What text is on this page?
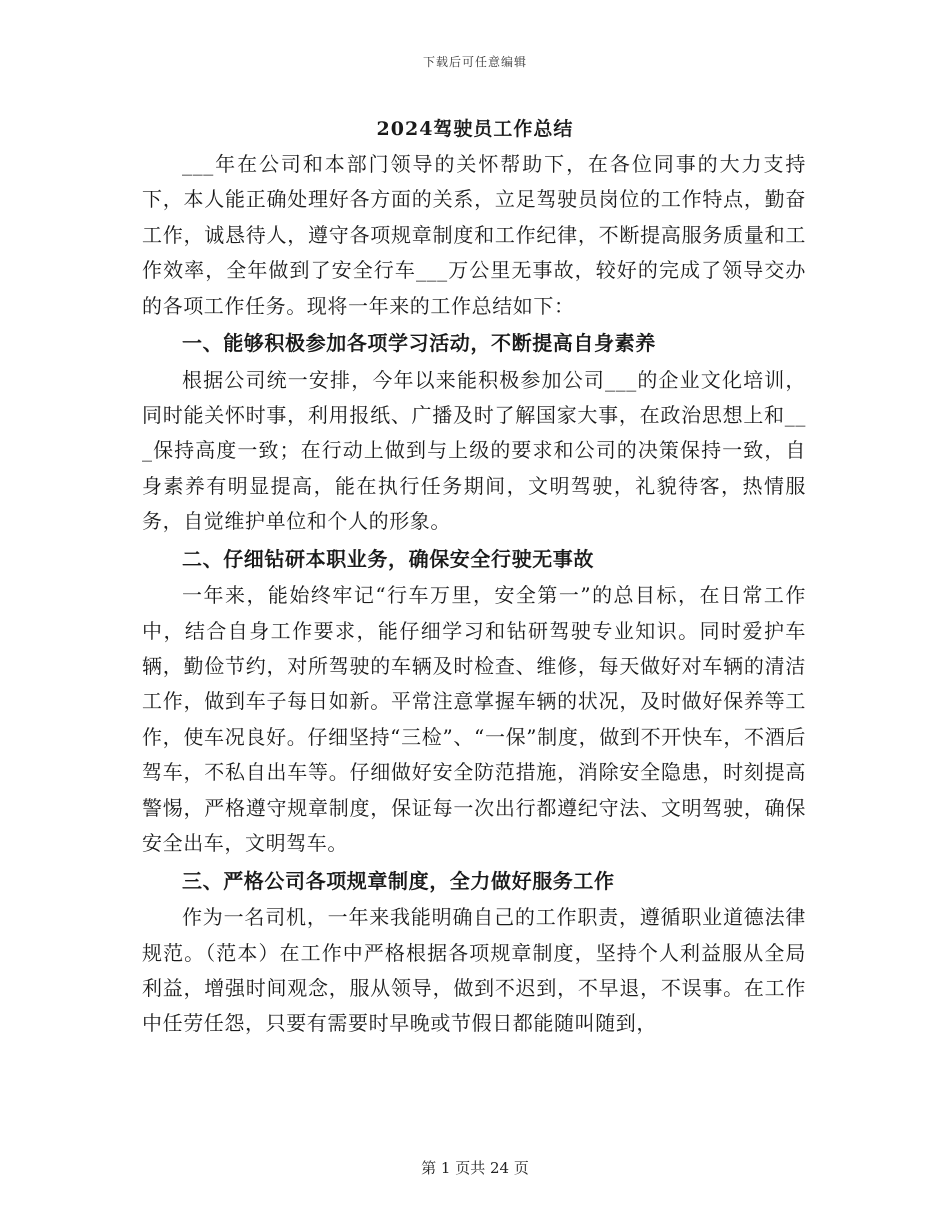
下载后可任意编辑
2024驾驶员工作总结

___年在公司和本部门领导的关怀帮助下，在各位同事的大力支持下，本人能正确处理好各方面的关系，立足驾驶员岗位的工作特点，勤奋工作，诚恳待人，遵守各项规章制度和工作纪律，不断提高服务质量和工作效率，全年做到了安全行车___万公里无事故，较好的完成了领导交办的各项工作任务。现将一年来的工作总结如下：

一、能够积极参加各项学习活动，不断提高自身素养

根据公司统一安排，今年以来能积极参加公司___的企业文化培训，同时能关怀时事，利用报纸、广播及时了解国家大事，在政治思想上和___保持高度一致；在行动上做到与上级的要求和公司的决策保持一致，自身素养有明显提高，能在执行任务期间，文明驾驶，礼貌待客，热情服务，自觉维护单位和个人的形象。

二、仔细钻研本职业务，确保安全行驶无事故

一年来，能始终牢记“行车万里，安全第一”的总目标，在日常工作中，结合自身工作要求，能仔细学习和钻研驾驶专业知识。同时爱护车辆，勤俭节约，对所驾驶的车辆及时检查、维修，每天做好对车辆的清洁工作，做到车子每日如新。平常注意掌握车辆的状况，及时做好保养等工作，使车况良好。仔细坚持“三检”、“一保”制度，做到不开快车，不酒后驾车，不私自出车等。仔细做好安全防范措施，消除安全隐患，时刻提高警惕，严格遵守规章制度，保证每一次出行都遵纪守法、文明驾驶，确保安全出车，文明驾车。

三、严格公司各项规章制度，全力做好服务工作

作为一名司机，一年来我能明确自己的工作职责，遵循职业道德法律规范。（范本）在工作中严格根据各项规章制度，坚持个人利益服从全局利益，增强时间观念，服从领导，做到不迟到，不早退，不误事。在工作中任劳任怨，只要有需要时早晚或节假日都能随叫随到，

第 1 页共 24 页
